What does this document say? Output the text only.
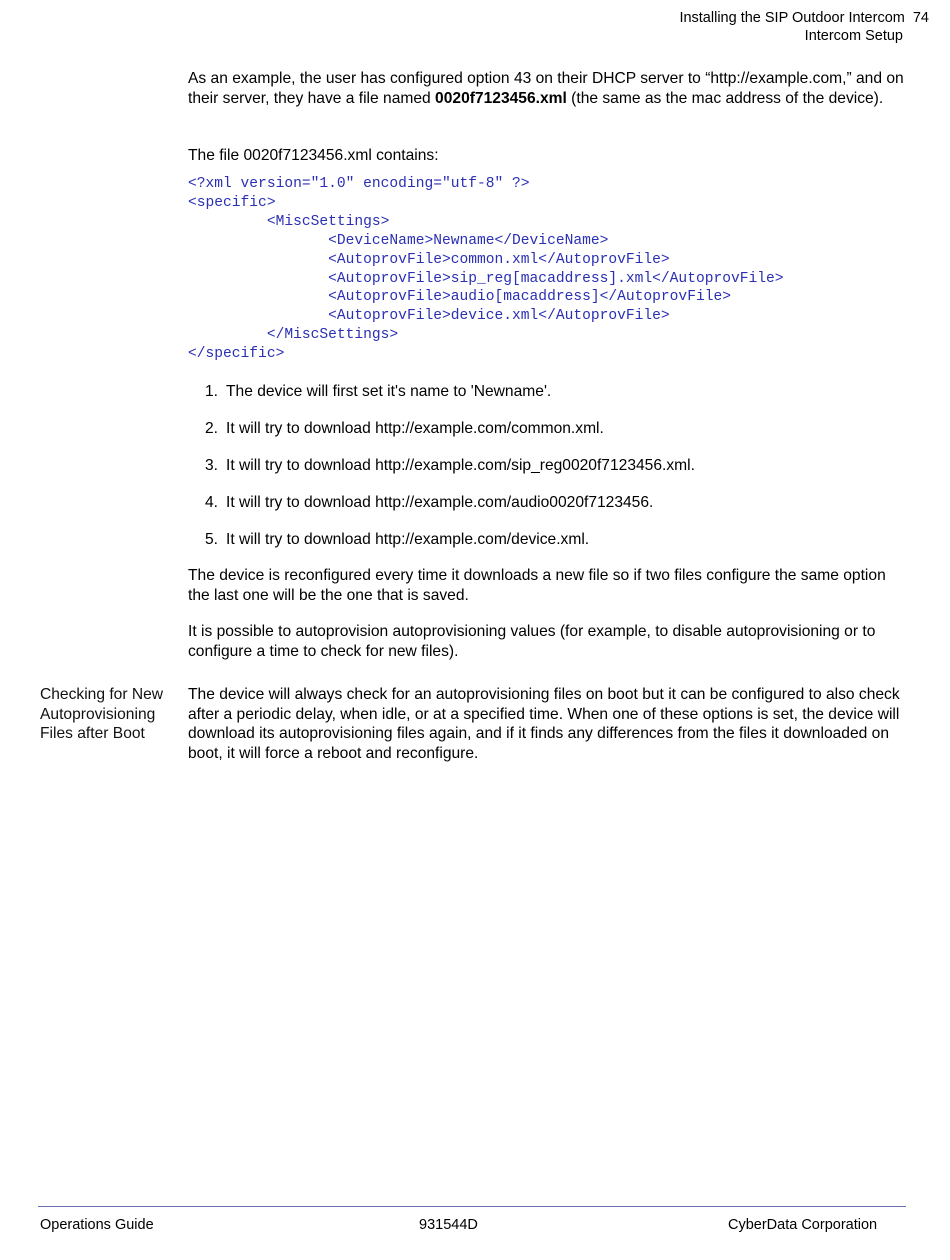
Installing the SIP Outdoor Intercom 74
Intercom Setup
As an example, the user has configured option 43 on their DHCP server to “http://example.com,” and on their server, they have a file named 0020f7123456.xml (the same as the mac address of the device).
The file 0020f7123456.xml contains:
<?xml version="1.0" encoding="utf-8" ?>
<specific>
<MiscSettings>
<DeviceName>Newname</DeviceName>
<AutoprovFile>common.xml</AutoprovFile>
<AutoprovFile>sip_reg[macaddress].xml</AutoprovFile>
<AutoprovFile>audio[macaddress]</AutoprovFile>
<AutoprovFile>device.xml</AutoprovFile>
</MiscSettings>
</specific>
1. The device will first set it's name to 'Newname'.
2. It will try to download http://example.com/common.xml.
3. It will try to download http://example.com/sip_reg0020f7123456.xml.
4. It will try to download http://example.com/audio0020f7123456.
5. It will try to download http://example.com/device.xml.
The device is reconfigured every time it downloads a new file so if two files configure the same option the last one will be the one that is saved.
It is possible to autoprovision autoprovisioning values (for example, to disable autoprovisioning or to configure a time to check for new files).
Checking for New
Autoprovisioning
Files after Boot
The device will always check for an autoprovisioning files on boot but it can be configured to also check after a periodic delay, when idle, or at a specified time. When one of these options is set, the device will download its autoprovisioning files again, and if it finds any differences from the files it downloaded on boot, it will force a reboot and reconfigure.
Operations Guide	931544D	CyberData Corporation
